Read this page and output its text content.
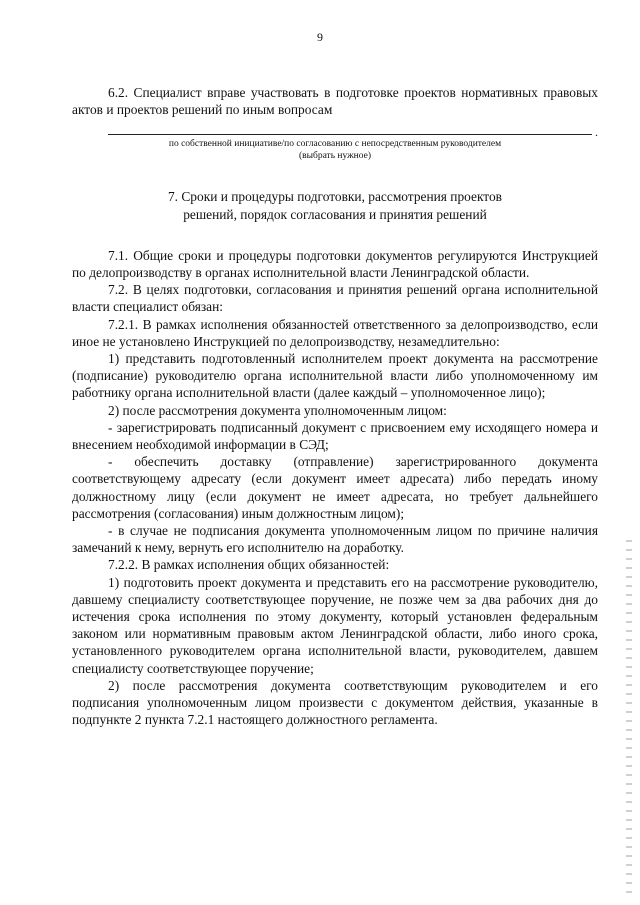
9

6.2. Специалист вправе участвовать в подготовке проектов нормативных правовых актов и проектов решений по иным вопросам

.
по собственной инициативе/по согласованию с непосредственным руководителем
(выбрать нужное)
7. Сроки и процедуры подготовки, рассмотрения проектов
решений, порядок согласования и принятия решений

7.1. Общие сроки и процедуры подготовки документов регулируются Инструкцией по делопроизводству в органах исполнительной власти Ленинградской области.

7.2. В целях подготовки, согласования и принятия решений органа исполнительной власти специалист обязан:

7.2.1. В рамках исполнения обязанностей ответственного за делопроизводство, если иное не установлено Инструкцией по делопроизводству, незамедлительно:

1) представить подготовленный исполнителем проект документа на рассмотрение (подписание) руководителю органа исполнительной власти либо уполномоченному им работнику органа исполнительной власти (далее каждый – уполномоченное лицо);

2) после рассмотрения документа уполномоченным лицом:

- зарегистрировать подписанный документ с присвоением ему исходящего номера и внесением необходимой информации в СЭД;

- обеспечить доставку (отправление) зарегистрированного документа соответствующему адресату (если документ имеет адресата) либо передать иному должностному лицу (если документ не имеет адресата, но требует дальнейшего рассмотрения (согласования) иным должностным лицом);

- в случае не подписания документа уполномоченным лицом по причине наличия замечаний к нему, вернуть его исполнителю на доработку.

7.2.2. В рамках исполнения общих обязанностей:

1) подготовить проект документа и представить его на рассмотрение руководителю, давшему специалисту соответствующее поручение, не позже чем за два рабочих дня до истечения срока исполнения по этому документу, который установлен федеральным законом или нормативным правовым актом Ленинградской области, либо иного срока, установленного руководителем органа исполнительной власти, руководителем, давшем специалисту соответствующее поручение;

2) после рассмотрения документа соответствующим руководителем и его подписания уполномоченным лицом произвести с документом действия, указанные в подпункте 2 пункта 7.2.1 настоящего должностного регламента.
